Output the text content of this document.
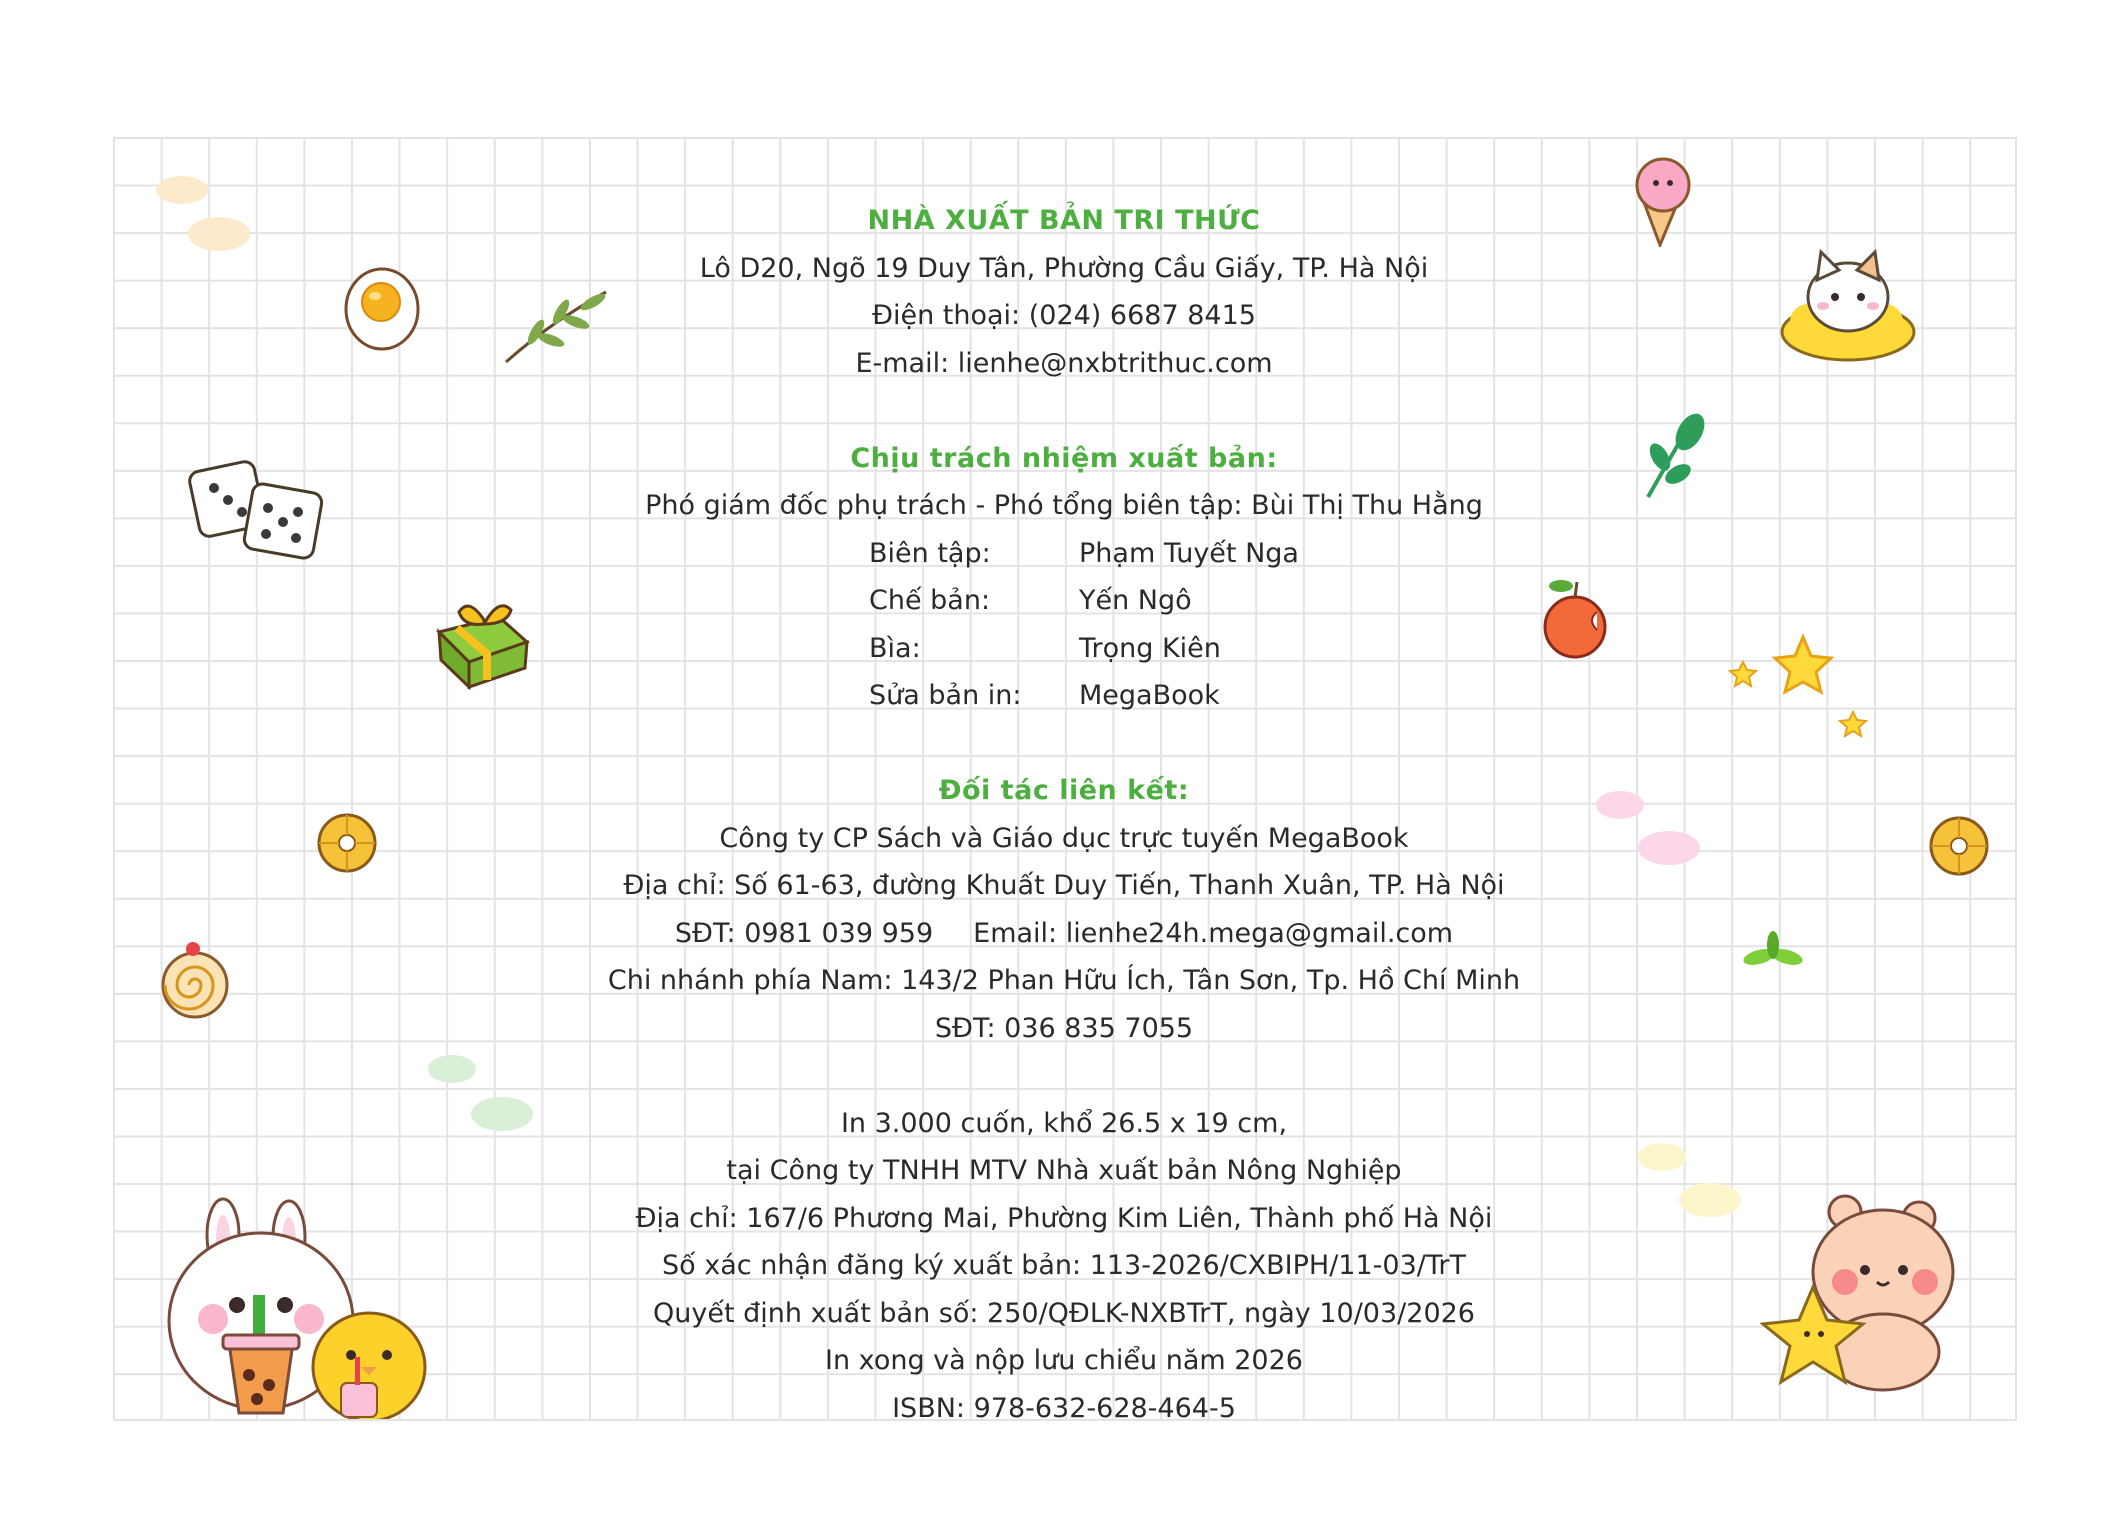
NHÀ XUẤT BẢN TRI THỨC
Lô D20, Ngõ 19 Duy Tân, Phường Cầu Giấy, TP. Hà Nội
Điện thoại: (024) 6687 8415
E-mail: lienhe@nxbtrithuc.com
Chịu trách nhiệm xuất bản:
Phó giám đốc phụ trách - Phó tổng biên tập: Bùi Thị Thu Hằng
Biên tập:	Phạm Tuyết Nga
Chế bản:	Yến Ngô
Bìa:	Trọng Kiên
Sửa bản in: MegaBook
Đối tác liên kết:
Công ty CP Sách và Giáo dục trực tuyến MegaBook
Địa chỉ: Số 61-63, đường Khuất Duy Tiến, Thanh Xuân, TP. Hà Nội
SĐT: 0981 039 959 Email: lienhe24h.mega@gmail.com
Chi nhánh phía Nam: 143/2 Phan Hữu Ích, Tân Sơn, Tp. Hồ Chí Minh
SĐT: 036 835 7055
In 3.000 cuốn, khổ 26.5 x 19 cm,
tại Công ty TNHH MTV Nhà xuất bản Nông Nghiệp
Địa chỉ: 167/6 Phương Mai, Phường Kim Liên, Thành phố Hà Nội
Số xác nhận đăng ký xuất bản: 113-2026/CXBIPH/11-03/TrT
Quyết định xuất bản số: 250/QĐLK-NXBTrT, ngày 10/03/2026
In xong và nộp lưu chiểu năm 2026
ISBN: 978-632-628-464-5
